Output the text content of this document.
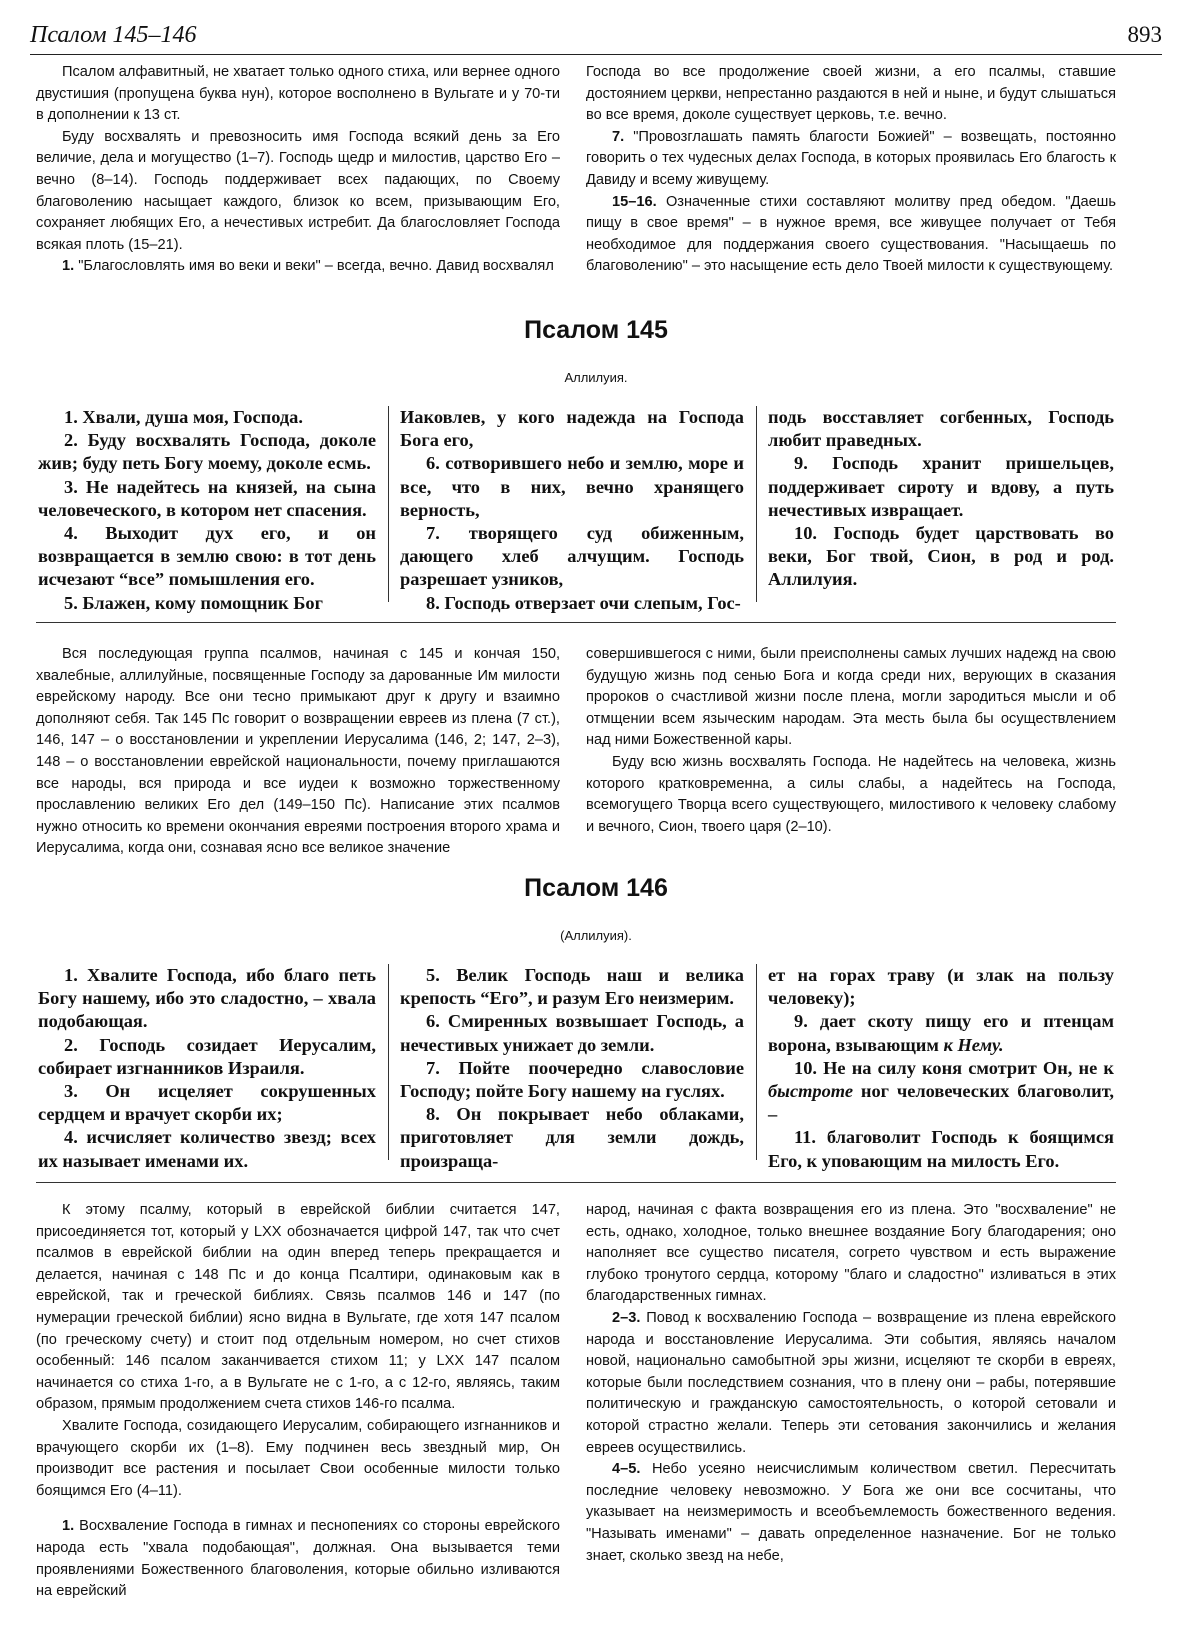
Псалом 145–146	893

Псалом алфавитный, не хватает только одного стиха, или вернее одного двустишия (пропущена буква нун), которое восполнено в Вульгате и у 70-ти в дополнении к 13 ст.

Буду восхвалять и превозносить имя Господа всякий день за Его величие, дела и могущество (1–7). Господь щедр и милостив, царство Его – вечно (8–14). Господь поддерживает всех падающих, по Своему благоволению насыщает каждого, близок ко всем, призывающим Его, сохраняет любящих Его, а нечестивых истребит. Да благословляет Господа всякая плоть (15–21).

1. "Благословлять имя во веки и веки" – всегда, вечно. Давид восхвалял

Господа во все продолжение своей жизни, а его псалмы, ставшие достоянием церкви, непрестанно раздаются в ней и ныне, и будут слышаться во все время, доколе существует церковь, т.е. вечно.

7. "Провозглашать память благости Божией" – возвещать, постоянно говорить о тех чудесных делах Господа, в которых проявилась Его благость к Давиду и всему живущему.

15–16. Означенные стихи составляют молитву пред обедом. "Даешь пищу в свое время" – в нужное время, все живущее получает от Тебя необходимое для поддержания своего существования. "Насыщаешь по благоволению" – это насыщение есть дело Твоей милости к существующему.

Псалом 145
Аллилуия.

1. Хвали, душа моя, Господа.

2. Буду восхвалять Господа, доколе жив; буду петь Богу моему, доколе есмь.

3. Не надейтесь на князей, на сына человеческого, в котором нет спасения.

4. Выходит дух его, и он возвращается в землю свою: в тот день исчезают “все” помышления его.

5. Блажен, кому помощник Бог

Иаковлев, у кого надежда на Господа Бога его,

6. сотворившего небо и землю, море и все, что в них, вечно хранящего верность,

7. творящего суд обиженным, дающего хлеб алчущим. Господь разрешает узников,

8. Господь отверзает очи слепым, Гос-

подь восставляет согбенных, Господь любит праведных.

9. Господь хранит пришельцев, поддерживает сироту и вдову, а путь нечестивых извращает.

10. Господь будет царствовать во веки, Бог твой, Сион, в род и род. Аллилуия.

Вся последующая группа псалмов, начиная с 145 и кончая 150, хвалебные, аллилуйные, посвященные Господу за дарованные Им милости еврейскому народу. Все они тесно примыкают друг к другу и взаимно дополняют себя. Так 145 Пс говорит о возвращении евреев из плена (7 ст.), 146, 147 – о восстановлении и укреплении Иерусалима (146, 2; 147, 2–3), 148 – о восстановлении еврейской национальности, почему приглашаются все народы, вся природа и все иудеи к возможно торжественному прославлению великих Его дел (149–150 Пс). Написание этих псалмов нужно относить ко времени окончания евреями построения второго храма и Иерусалима, когда они, сознавая ясно все великое значение

совершившегося с ними, были преисполнены самых лучших надежд на свою будущую жизнь под сенью Бога и когда среди них, верующих в сказания пророков о счастливой жизни после плена, могли зародиться мысли и об отмщении всем языческим народам. Эта месть была бы осуществлением над ними Божественной кары.

Буду всю жизнь восхвалять Господа. Не надейтесь на человека, жизнь которого кратковременна, а силы слабы, а надейтесь на Господа, всемогущего Творца всего существующего, милостивого к человеку слабому и вечного, Сион, твоего царя (2–10).

Псалом 146
(Аллилуия).

1. Хвалите Господа, ибо благо петь Богу нашему, ибо это сладостно, – хвала подобающая.

2. Господь созидает Иерусалим, собирает изгнанников Израиля.

3. Он исцеляет сокрушенных сердцем и врачует скорби их;

4. исчисляет количество звезд; всех их называет именами их.

5. Велик Господь наш и велика крепость “Его”, и разум Его неизмерим.

6. Смиренных возвышает Господь, а нечестивых унижает до земли.

7. Пойте поочередно славословие Господу; пойте Богу нашему на гуслях.

8. Он покрывает небо облаками, приготовляет для земли дождь, произраща-

ет на горах траву (и злак на пользу человеку);

9. дает скоту пищу его и птенцам ворона, взывающим к Нему.

10. Не на силу коня смотрит Он, не к быстроте ног человеческих благоволит, –

11. благоволит Господь к боящимся Его, к уповающим на милость Его.

К этому псалму, который в еврейской библии считается 147, присоединяется тот, который у LXX обозначается цифрой 147, так что счет псалмов в еврейской библии на один вперед теперь прекращается и делается, начиная с 148 Пс и до конца Псалтири, одинаковым как в еврейской, так и греческой библиях. Связь псалмов 146 и 147 (по нумерации греческой библии) ясно видна в Вульгате, где хотя 147 псалом (по греческому счету) и стоит под отдельным номером, но счет стихов особенный: 146 псалом заканчивается стихом 11; у LXX 147 псалом начинается со стиха 1-го, а в Вульгате не с 1-го, а с 12-го, являясь, таким образом, прямым продолжением счета стихов 146-го псалма.

Хвалите Господа, созидающего Иерусалим, собирающего изгнанников и врачующего скорби их (1–8). Ему подчинен весь звездный мир, Он производит все растения и посылает Свои особенные милости только боящимся Его (4–11).

1. Восхваление Господа в гимнах и песнопениях со стороны еврейского народа есть "хвала подобающая", должная. Она вызывается теми проявлениями Божественного благоволения, которые обильно изливаются на еврейский

народ, начиная с факта возвращения его из плена. Это "восхваление" не есть, однако, холодное, только внешнее воздаяние Богу благодарения; оно наполняет все существо писателя, согрето чувством и есть выражение глубоко тронутого сердца, которому "благо и сладостно" изливаться в этих благодарственных гимнах.

2–3. Повод к восхвалению Господа – возвращение из плена еврейского народа и восстановление Иерусалима. Эти события, являясь началом новой, национально самобытной эры жизни, исцеляют те скорби в евреях, которые были последствием сознания, что в плену они – рабы, потерявшие политическую и гражданскую самостоятельность, о которой сетовали и которой страстно желали. Теперь эти сетования закончились и желания евреев осуществились.

4–5. Небо усеяно неисчислимым количеством светил. Пересчитать последние человеку невозможно. У Бога же они все сосчитаны, что указывает на неизмеримость и всеобъемлемость божественного ведения. "Называть именами" – давать определенное назначение. Бог не только знает, сколько звезд на небе,
